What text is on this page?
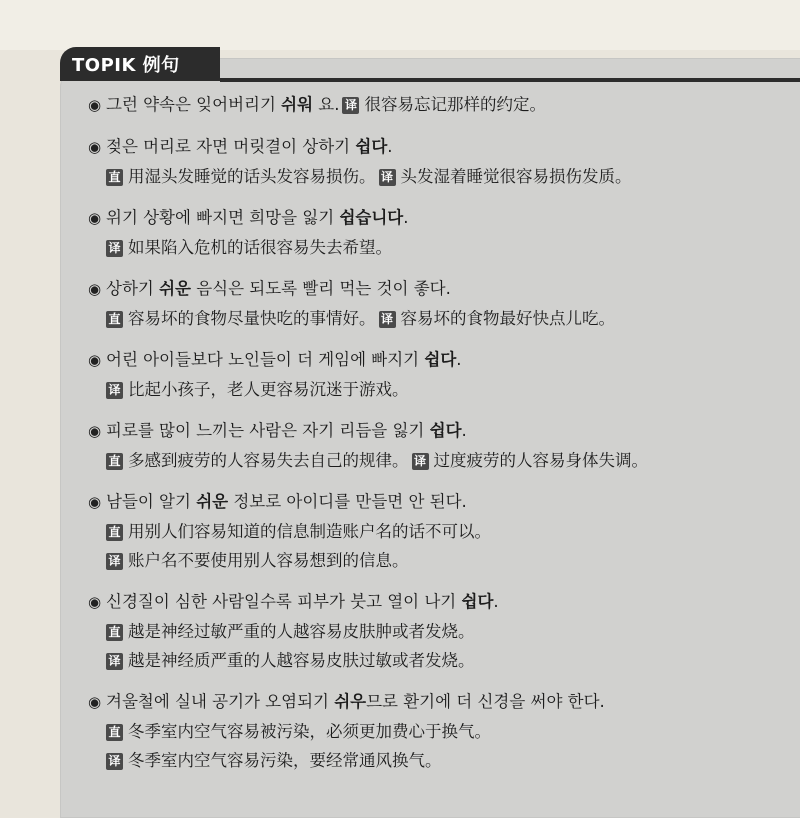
TOPIK 例句
◉ 그런 약속은 잊어버리기 쉬워 요. 译 很容易忘记那样的约定。
◉ 젖은 머리로 자면 머릿결이 상하기 쉽다.
直 用湿头发睡觉的话头发容易损伤。 译 头发湿着睡觉很容易损伤发质。
◉ 위기 상황에 빠지면 희망을 잃기 쉽습니다.
译 如果陷入危机的话很容易失去希望。
◉ 상하기 쉬운 음식은 되도록 빨리 먹는 것이 좋다.
直 容易坏的食物尽量快吃的事情好。 译 容易坏的食物最好快点儿吃。
◉ 어린 아이들보다 노인들이 더 게임에 빠지기 쉽다.
译 比起小孩子，老人更容易沉迷于游戏。
◉ 피로를 많이 느끼는 사람은 자기 리듬을 잃기 쉽다.
直 多感到疲劳的人容易失去自己的规律。 译 过度疲劳的人容易身体失调。
◉ 남들이 알기 쉬운 정보로 아이디를 만들면 안 된다.
直 用别人们容易知道的信息制造账户名的话不可以。
译 账户名不要使用别人容易想到的信息。
◉ 신경질이 심한 사람일수록 피부가 붓고 열이 나기 쉽다.
直 越是神经过敏严重的人越容易皮肤肿或者发烧。
译 越是神经质严重的人越容易皮肤过敏或者发烧。
◉ 겨울철에 실내 공기가 오염되기 쉬우므로 환기에 더 신경을 써야 한다.
直 冬季室内空气容易被污染，必须更加费心于换气。
译 冬季室内空气容易污染，要经常通风换气。
